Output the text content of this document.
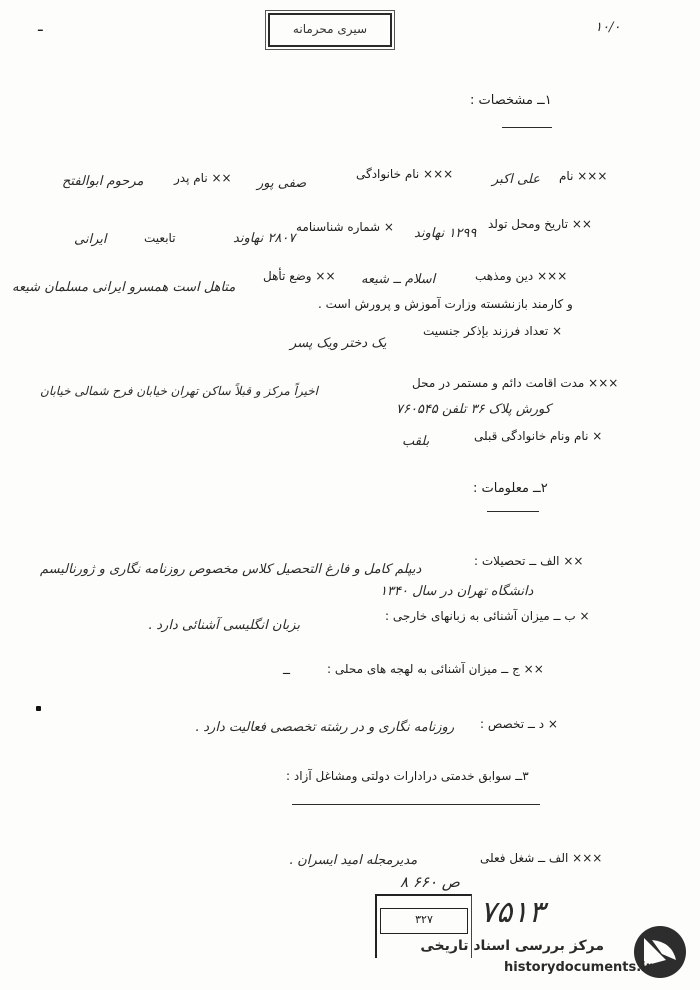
سیری محرمانه	۱۰/۰
ـ
۱ــ مشخصات :
××× نام
علی اکبر
××× نام خانوادگی
صفی پور
×× نام پدر
مرحوم ابوالفتح
×× تاریخ ومحل تولد
۱۲۹۹ نهاوند
× شماره شناسنامه
۲۸۰۷ نهاوند
تابعیت
ایرانی
××× دین ومذهب
اسلام ــ شیعه
×× وضع تأهل
متاهل است همسرو ایرانی مسلمان شیعه
و کارمند بازنشسته وزارت آموزش و پرورش است .
× تعداد فرزند بإذکر جنسیت
یک دختر ویک پسر
××× مدت اقامت دائم و مستمر در محل
اخیراً مرکز و قبلاً ساکن تهران خیابان فرح شمالی خیابان
کورش پلاک ۳۶ تلفن ۷۶۰۵۴۵
× نام ونام خانوادگی قبلی
بلقب
۲ــ معلومات :
×× الف ــ تحصیلات :
دیپلم کامل و فارغ التحصیل کلاس مخصوص روزنامه نگاری و ژورنالیسم
دانشگاه تهران در سال ۱۳۴۰
× ب ــ میزان آشنائی به زبانهای خارجی :
بزبان انگلیسی آشنائی دارد .
×× ج ــ میزان آشنائی به لهجه های محلی :
ــ
× د ــ تخصص :
روزنامه نگاری و در رشته تخصصی فعالیت دارد .
۳ــ سوابق خدمتی درادارات دولتی ومشاغل آزاد :
××× الف ــ شغل فعلی
مدیرمجله امید ایسران .
ص ۶۶۰ ۸
۳۲۷	۷۵۱۳
مرکز بررسی اسناد تاریخی
historydocuments.ir
